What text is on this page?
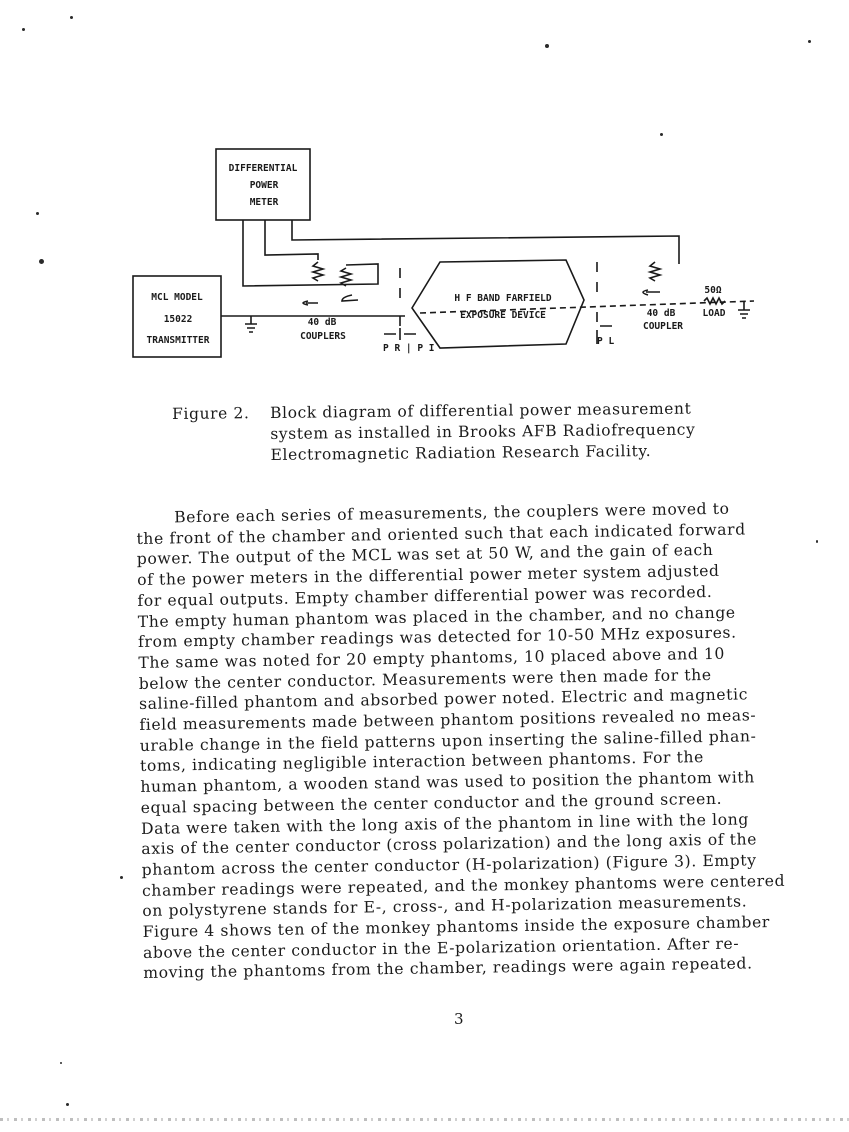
DIFFERENTIAL
POWER
METER
MCL MODEL
15022
TRANSMITTER
H F BAND FARFIELD
EXPOSURE DEVICE
40 dB
COUPLERS
40 dB
COUPLER
50Ω
LOAD
P R | P I
P L
Figure 2. Block diagram of differential power measurement
system as installed in Brooks AFB Radiofrequency
Electromagnetic Radiation Research Facility.
Before each series of measurements, the couplers were moved to
the front of the chamber and oriented such that each indicated forward
power. The output of the MCL was set at 50 W, and the gain of each
of the power meters in the differential power meter system adjusted
for equal outputs. Empty chamber differential power was recorded.
The empty human phantom was placed in the chamber, and no change
from empty chamber readings was detected for 10-50 MHz exposures.
The same was noted for 20 empty phantoms, 10 placed above and 10
below the center conductor. Measurements were then made for the
saline-filled phantom and absorbed power noted. Electric and magnetic
field measurements made between phantom positions revealed no meas-
urable change in the field patterns upon inserting the saline-filled phan-
toms, indicating negligible interaction between phantoms. For the
human phantom, a wooden stand was used to position the phantom with
equal spacing between the center conductor and the ground screen.
Data were taken with the long axis of the phantom in line with the long
axis of the center conductor (cross polarization) and the long axis of the
phantom across the center conductor (H-polarization) (Figure 3). Empty
chamber readings were repeated, and the monkey phantoms were centered
on polystyrene stands for E-, cross-, and H-polarization measurements.
Figure 4 shows ten of the monkey phantoms inside the exposure chamber
above the center conductor in the E-polarization orientation. After re-
moving the phantoms from the chamber, readings were again repeated.
3
